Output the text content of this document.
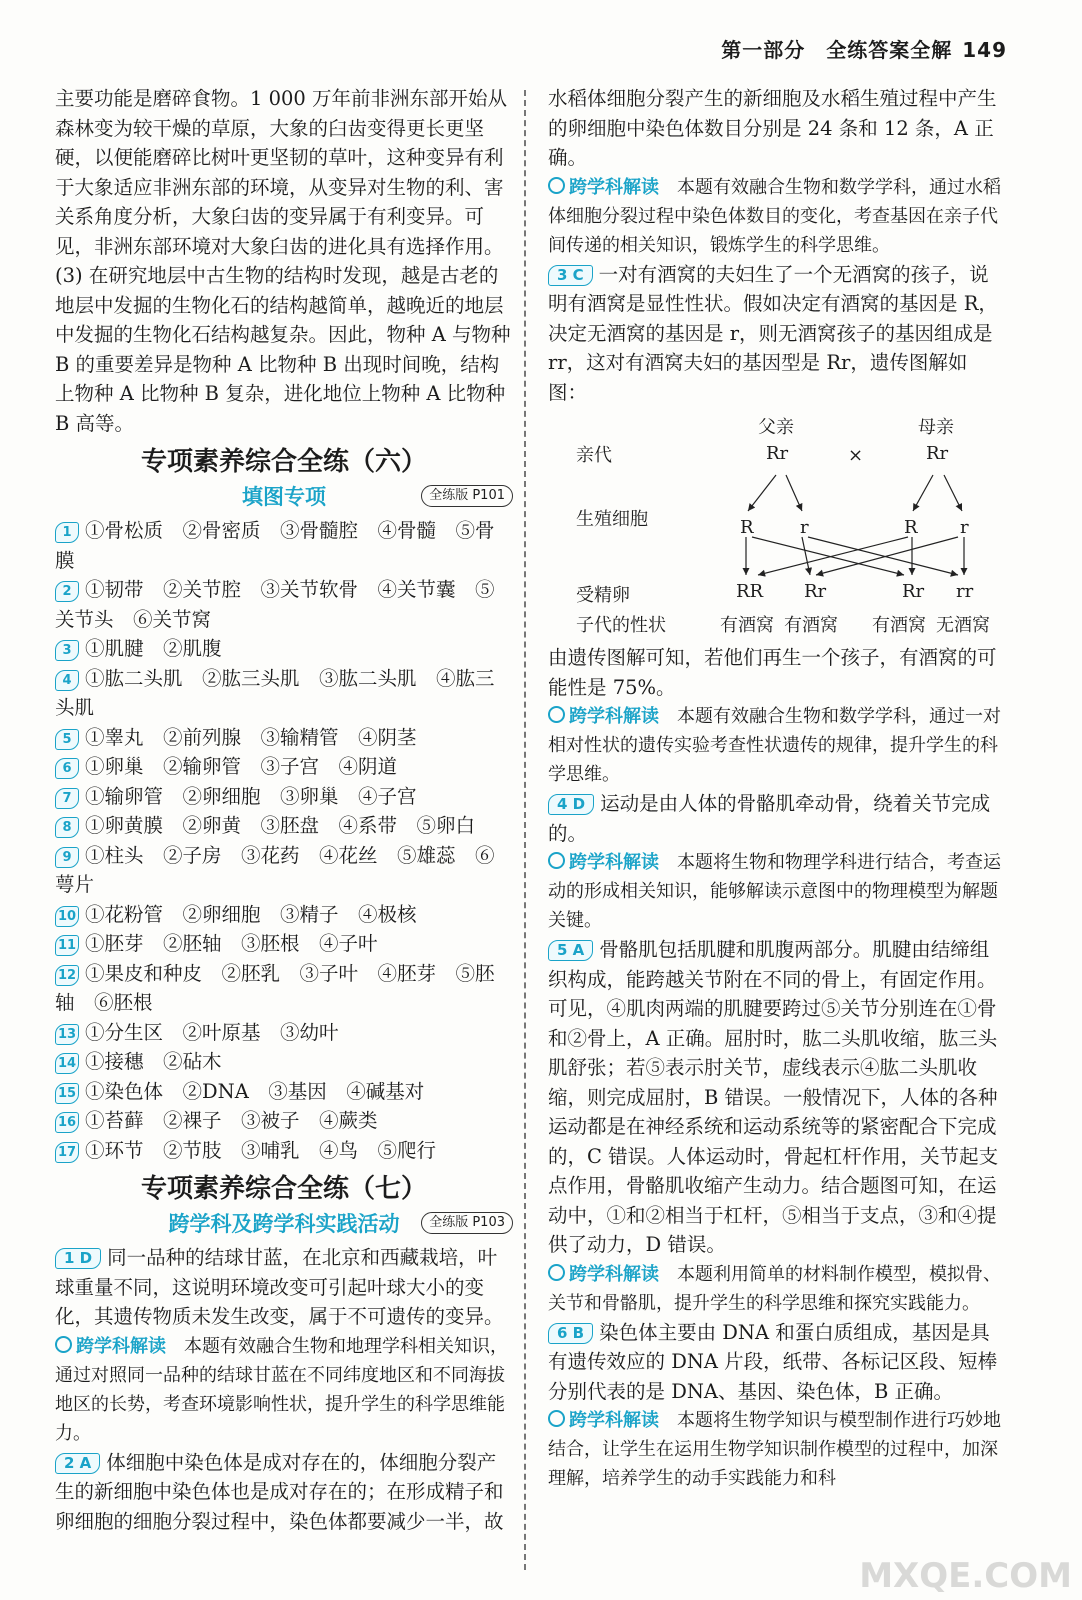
第一部分　全练答案全解 149

主要功能是磨碎食物。1 000 万年前非洲东部开始从森林变为较干燥的草原，大象的臼齿变得更长更坚硬，以便能磨碎比树叶更坚韧的草叶，这种变异有利于大象适应非洲东部的环境，从变异对生物的利、害关系角度分析，大象臼齿的变异属于有利变异。可见，非洲东部环境对大象臼齿的进化具有选择作用。(3) 在研究地层中古生物的结构时发现，越是古老的地层中发掘的生物化石的结构越简单，越晚近的地层中发掘的生物化石结构越复杂。因此，物种 A 与物种 B 的重要差异是物种 A 比物种 B 出现时间晚，结构上物种 A 比物种 B 复杂，进化地位上物种 A 比物种 B 高等。

专项素养综合全练（六）
填图专项	全练版 P101

1 ①骨松质　②骨密质　③骨髓腔　④骨髓　⑤骨膜

2 ①韧带　②关节腔　③关节软骨　④关节囊　⑤关节头　⑥关节窝

3 ①肌腱　②肌腹

4 ①肱二头肌　②肱三头肌　③肱二头肌　④肱三头肌

5 ①睾丸　②前列腺　③输精管　④阴茎

6 ①卵巢　②输卵管　③子宫　④阴道

7 ①输卵管　②卵细胞　③卵巢　④子宫

8 ①卵黄膜　②卵黄　③胚盘　④系带　⑤卵白

9 ①柱头　②子房　③花药　④花丝　⑤雄蕊　⑥萼片

10 ①花粉管　②卵细胞　③精子　④极核

11 ①胚芽　②胚轴　③胚根　④子叶

12 ①果皮和种皮　②胚乳　③子叶　④胚芽　⑤胚轴　⑥胚根

13 ①分生区　②叶原基　③幼叶

14 ①接穗　②砧木

15 ①染色体　②DNA　③基因　④碱基对

16 ①苔藓　②裸子　③被子　④蕨类

17 ①环节　②节肢　③哺乳　④鸟　⑤爬行

专项素养综合全练（七）
跨学科及跨学科实践活动	全练版 P103

1 D 同一品种的结球甘蓝，在北京和西藏栽培，叶球重量不同，这说明环境改变可引起叶球大小的变化，其遗传物质未发生改变，属于不可遗传的变异。

跨学科解读 本题有效融合生物和地理学科相关知识，通过对照同一品种的结球甘蓝在不同纬度地区和不同海拔地区的长势，考查环境影响性状，提升学生的科学思维能力。

2 A 体细胞中染色体是成对存在的，体细胞分裂产生的新细胞中染色体也是成对存在的；在形成精子和卵细胞的细胞分裂过程中，染色体都要减少一半，故

水稻体细胞分裂产生的新细胞及水稻生殖过程中产生的卵细胞中染色体数目分别是 24 条和 12 条，A 正确。

跨学科解读 本题有效融合生物和数学学科，通过水稻体细胞分裂过程中染色体数目的变化，考查基因在亲子代间传递的相关知识，锻炼学生的科学思维。

3 C 一对有酒窝的夫妇生了一个无酒窝的孩子，说明有酒窝是显性性状。假如决定有酒窝的基因是 R，决定无酒窝的基因是 r，则无酒窝孩子的基因组成是 rr，这对有酒窝夫妇的基因型是 Rr，遗传图解如图：

亲代
父亲	母亲
Rr	×	Rr
生殖细胞	R	r	R r
受精卵	RR Rr	Rr rr
子代的性状	有酒窝 有酒窝 有酒窝 无酒窝

由遗传图解可知，若他们再生一个孩子，有酒窝的可能性是 75%。

跨学科解读 本题有效融合生物和数学学科，通过一对相对性状的遗传实验考查性状遗传的规律，提升学生的科学思维。

4 D 运动是由人体的骨骼肌牵动骨，绕着关节完成的。

跨学科解读 本题将生物和物理学科进行结合，考查运动的形成相关知识，能够解读示意图中的物理模型为解题关键。

5 A 骨骼肌包括肌腱和肌腹两部分。肌腱由结缔组织构成，能跨越关节附在不同的骨上，有固定作用。可见，④肌肉两端的肌腱要跨过⑤关节分别连在①骨和②骨上，A 正确。屈肘时，肱二头肌收缩，肱三头肌舒张；若⑤表示肘关节，虚线表示④肱二头肌收缩，则完成屈肘，B 错误。一般情况下，人体的各种运动都是在神经系统和运动系统等的紧密配合下完成的，C 错误。人体运动时，骨起杠杆作用，关节起支点作用，骨骼肌收缩产生动力。结合题图可知，在运动中，①和②相当于杠杆，⑤相当于支点，③和④提供了动力，D 错误。

跨学科解读 本题利用简单的材料制作模型，模拟骨、关节和骨骼肌，提升学生的科学思维和探究实践能力。

6 B 染色体主要由 DNA 和蛋白质组成，基因是具有遗传效应的 DNA 片段，纸带、各标记区段、短棒分别代表的是 DNA、基因、染色体，B 正确。

跨学科解读 本题将生物学知识与模型制作进行巧妙地结合，让学生在运用生物学知识制作模型的过程中，加深理解，培养学生的动手实践能力和科

MXQE.COM
